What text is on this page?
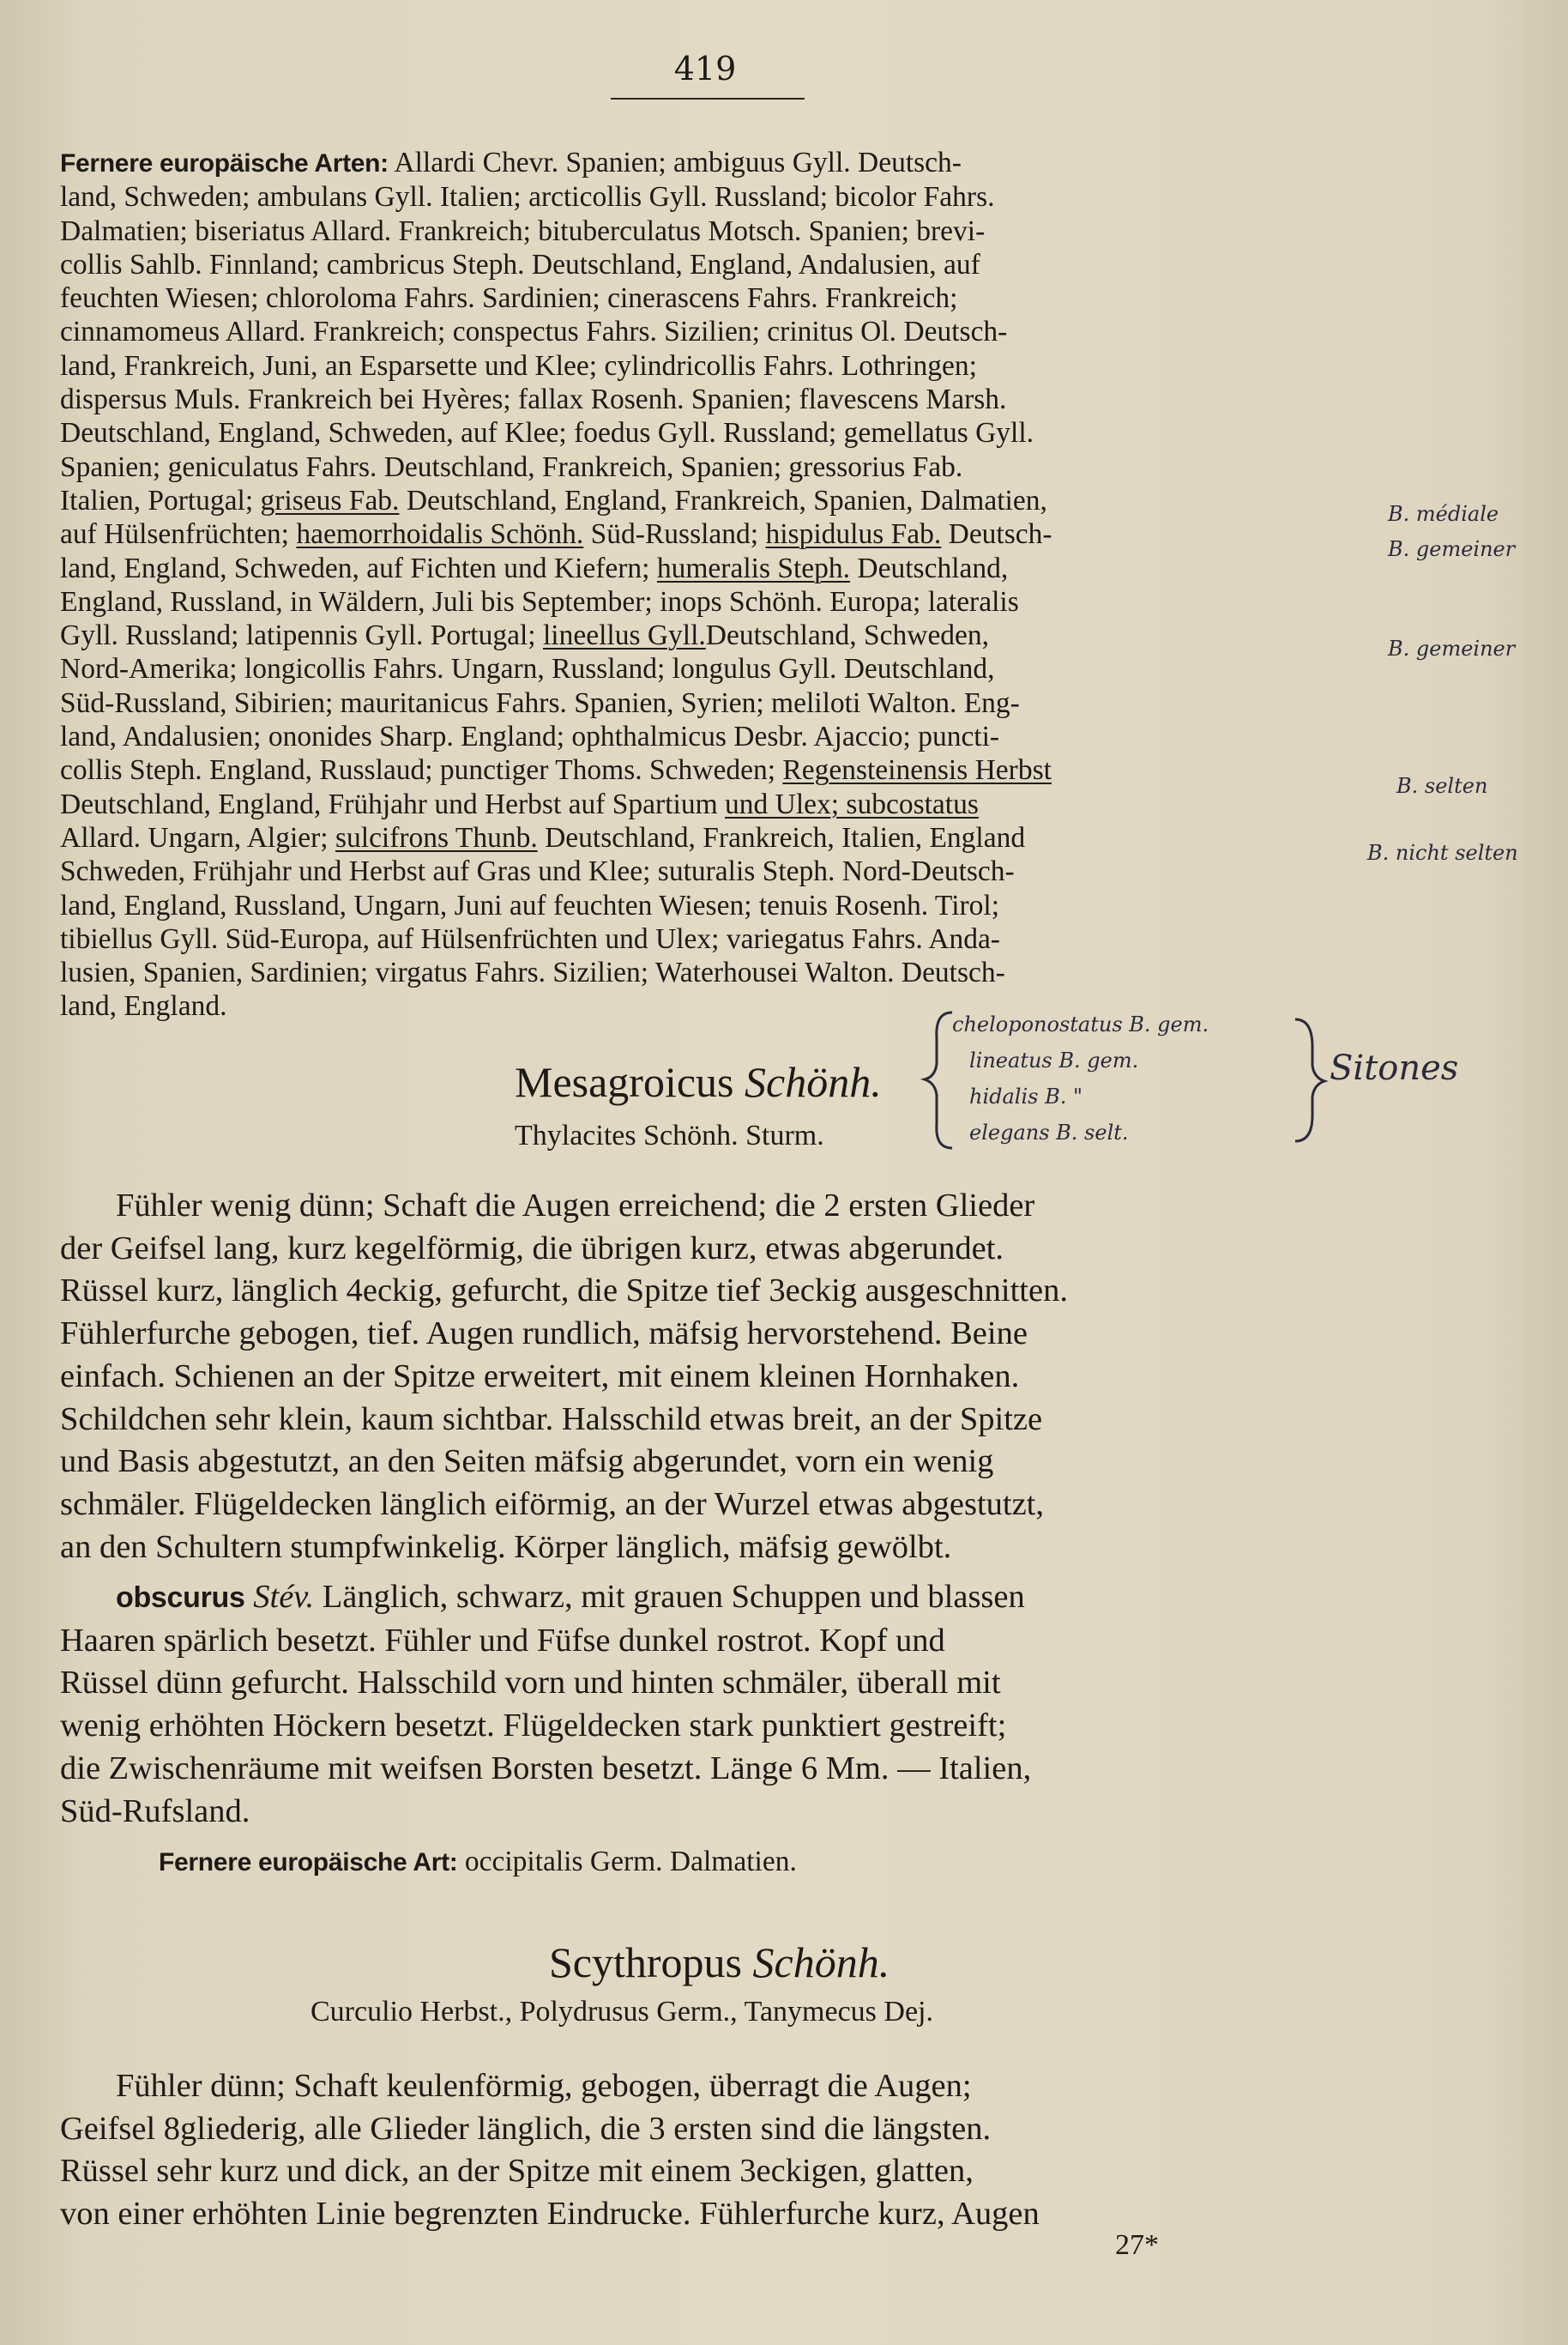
419

Fernere europäische Arten: Allardi Chevr. Spanien; ambiguus Gyll. Deutsch-

land, Schweden; ambulans Gyll. Italien; arcticollis Gyll. Russland; bicolor Fahrs.

Dalmatien; biseriatus Allard. Frankreich; bituberculatus Motsch. Spanien; brevi-

collis Sahlb. Finnland; cambricus Steph. Deutschland, England, Andalusien, auf

feuchten Wiesen; chloroloma Fahrs. Sardinien; cinerascens Fahrs. Frankreich;

cinnamomeus Allard. Frankreich; conspectus Fahrs. Sizilien; crinitus Ol. Deutsch-

land, Frankreich, Juni, an Esparsette und Klee; cylindricollis Fahrs. Lothringen;

dispersus Muls. Frankreich bei Hyères; fallax Rosenh. Spanien; flavescens Marsh.

Deutschland, England, Schweden, auf Klee; foedus Gyll. Russland; gemellatus Gyll.

Spanien; geniculatus Fahrs. Deutschland, Frankreich, Spanien; gressorius Fab.

Italien, Portugal; griseus Fab. Deutschland, England, Frankreich, Spanien, Dalmatien,

auf Hülsenfrüchten; haemorrhoidalis Schönh. Süd-Russland; hispidulus Fab. Deutsch-

land, England, Schweden, auf Fichten und Kiefern; humeralis Steph. Deutschland,

England, Russland, in Wäldern, Juli bis September; inops Schönh. Europa; lateralis

Gyll. Russland; latipennis Gyll. Portugal; lineellus Gyll.Deutschland, Schweden,

Nord-Amerika; longicollis Fahrs. Ungarn, Russland; longulus Gyll. Deutschland,

Süd-Russland, Sibirien; mauritanicus Fahrs. Spanien, Syrien; meliloti Walton. Eng-

land, Andalusien; ononides Sharp. England; ophthalmicus Desbr. Ajaccio; puncti-

collis Steph. England, Russlaud; punctiger Thoms. Schweden; Regensteinensis Herbst

Deutschland, England, Frühjahr und Herbst auf Spartium und Ulex; subcostatus

Allard. Ungarn, Algier; sulcifrons Thunb. Deutschland, Frankreich, Italien, England

Schweden, Frühjahr und Herbst auf Gras und Klee; suturalis Steph. Nord-Deutsch-

land, England, Russland, Ungarn, Juni auf feuchten Wiesen; tenuis Rosenh. Tirol;

tibiellus Gyll. Süd-Europa, auf Hülsenfrüchten und Ulex; variegatus Fahrs. Anda-

lusien, Spanien, Sardinien; virgatus Fahrs. Sizilien; Waterhousei Walton. Deutsch-

land, England.

B. médiale
B. gemeiner
B. gemeiner
B. selten
B. nicht selten
cheloponostatus B. gem.
lineatus B. gem.
hidalis B. "
elegans B. selt.
Sitones
Mesagroicus Schönh.
Thylacites Schönh. Sturm.

Fühler wenig dünn; Schaft die Augen erreichend; die 2 ersten Glieder

der Geifsel lang, kurz kegelförmig, die übrigen kurz, etwas abgerundet.

Rüssel kurz, länglich 4eckig, gefurcht, die Spitze tief 3eckig ausgeschnitten.

Fühlerfurche gebogen, tief. Augen rundlich, mäfsig hervorstehend. Beine

einfach. Schienen an der Spitze erweitert, mit einem kleinen Hornhaken.

Schildchen sehr klein, kaum sichtbar. Halsschild etwas breit, an der Spitze

und Basis abgestutzt, an den Seiten mäfsig abgerundet, vorn ein wenig

schmäler. Flügeldecken länglich eiförmig, an der Wurzel etwas abgestutzt,

an den Schultern stumpfwinkelig. Körper länglich, mäfsig gewölbt.

obscurus Stév. Länglich, schwarz, mit grauen Schuppen und blassen

Haaren spärlich besetzt. Fühler und Füfse dunkel rostrot. Kopf und

Rüssel dünn gefurcht. Halsschild vorn und hinten schmäler, überall mit

wenig erhöhten Höckern besetzt. Flügeldecken stark punktiert gestreift;

die Zwischenräume mit weifsen Borsten besetzt. Länge 6 Mm. — Italien,

Süd-Rufsland.

Fernere europäische Art: occipitalis Germ. Dalmatien.

Scythropus Schönh.
Curculio Herbst., Polydrusus Germ., Tanymecus Dej.

Fühler dünn; Schaft keulenförmig, gebogen, überragt die Augen;

Geifsel 8gliederig, alle Glieder länglich, die 3 ersten sind die längsten.

Rüssel sehr kurz und dick, an der Spitze mit einem 3eckigen, glatten,

von einer erhöhten Linie begrenzten Eindrucke. Fühlerfurche kurz, Augen

27*
